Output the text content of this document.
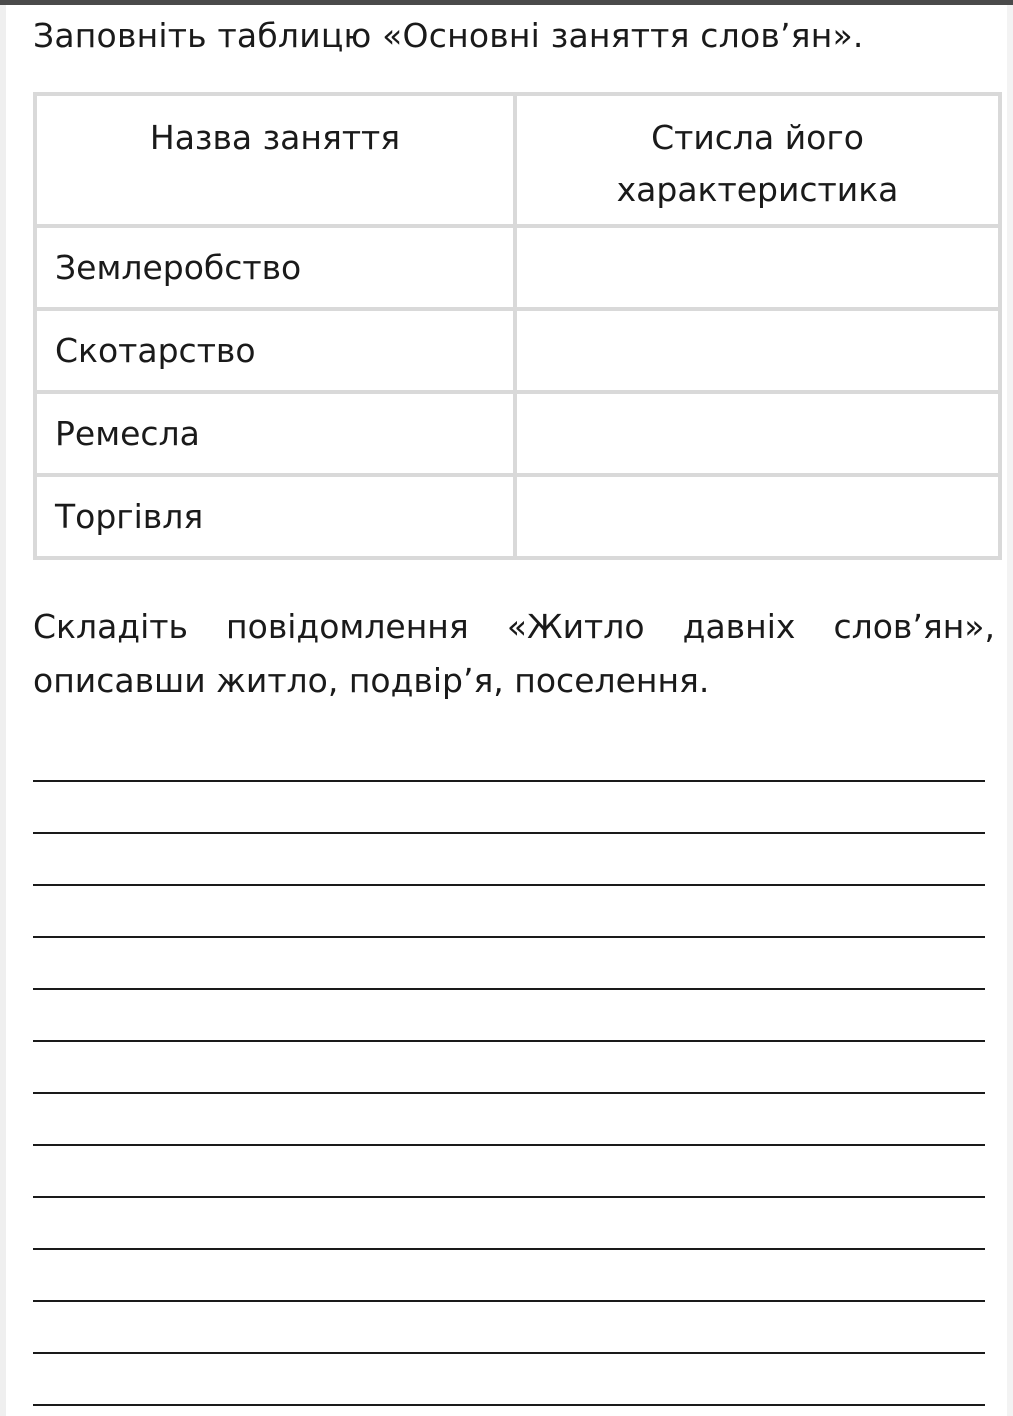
Заповніть таблицю «Основні заняття слов’ян».
Назва заняття	Стисла його характеристика
Землеробство	
Скотарство	
Ремесла	
Торгівля	
Складіть повідомлення «Житло давніх слов’ян»,
описавши житло, подвір’я, поселення.
